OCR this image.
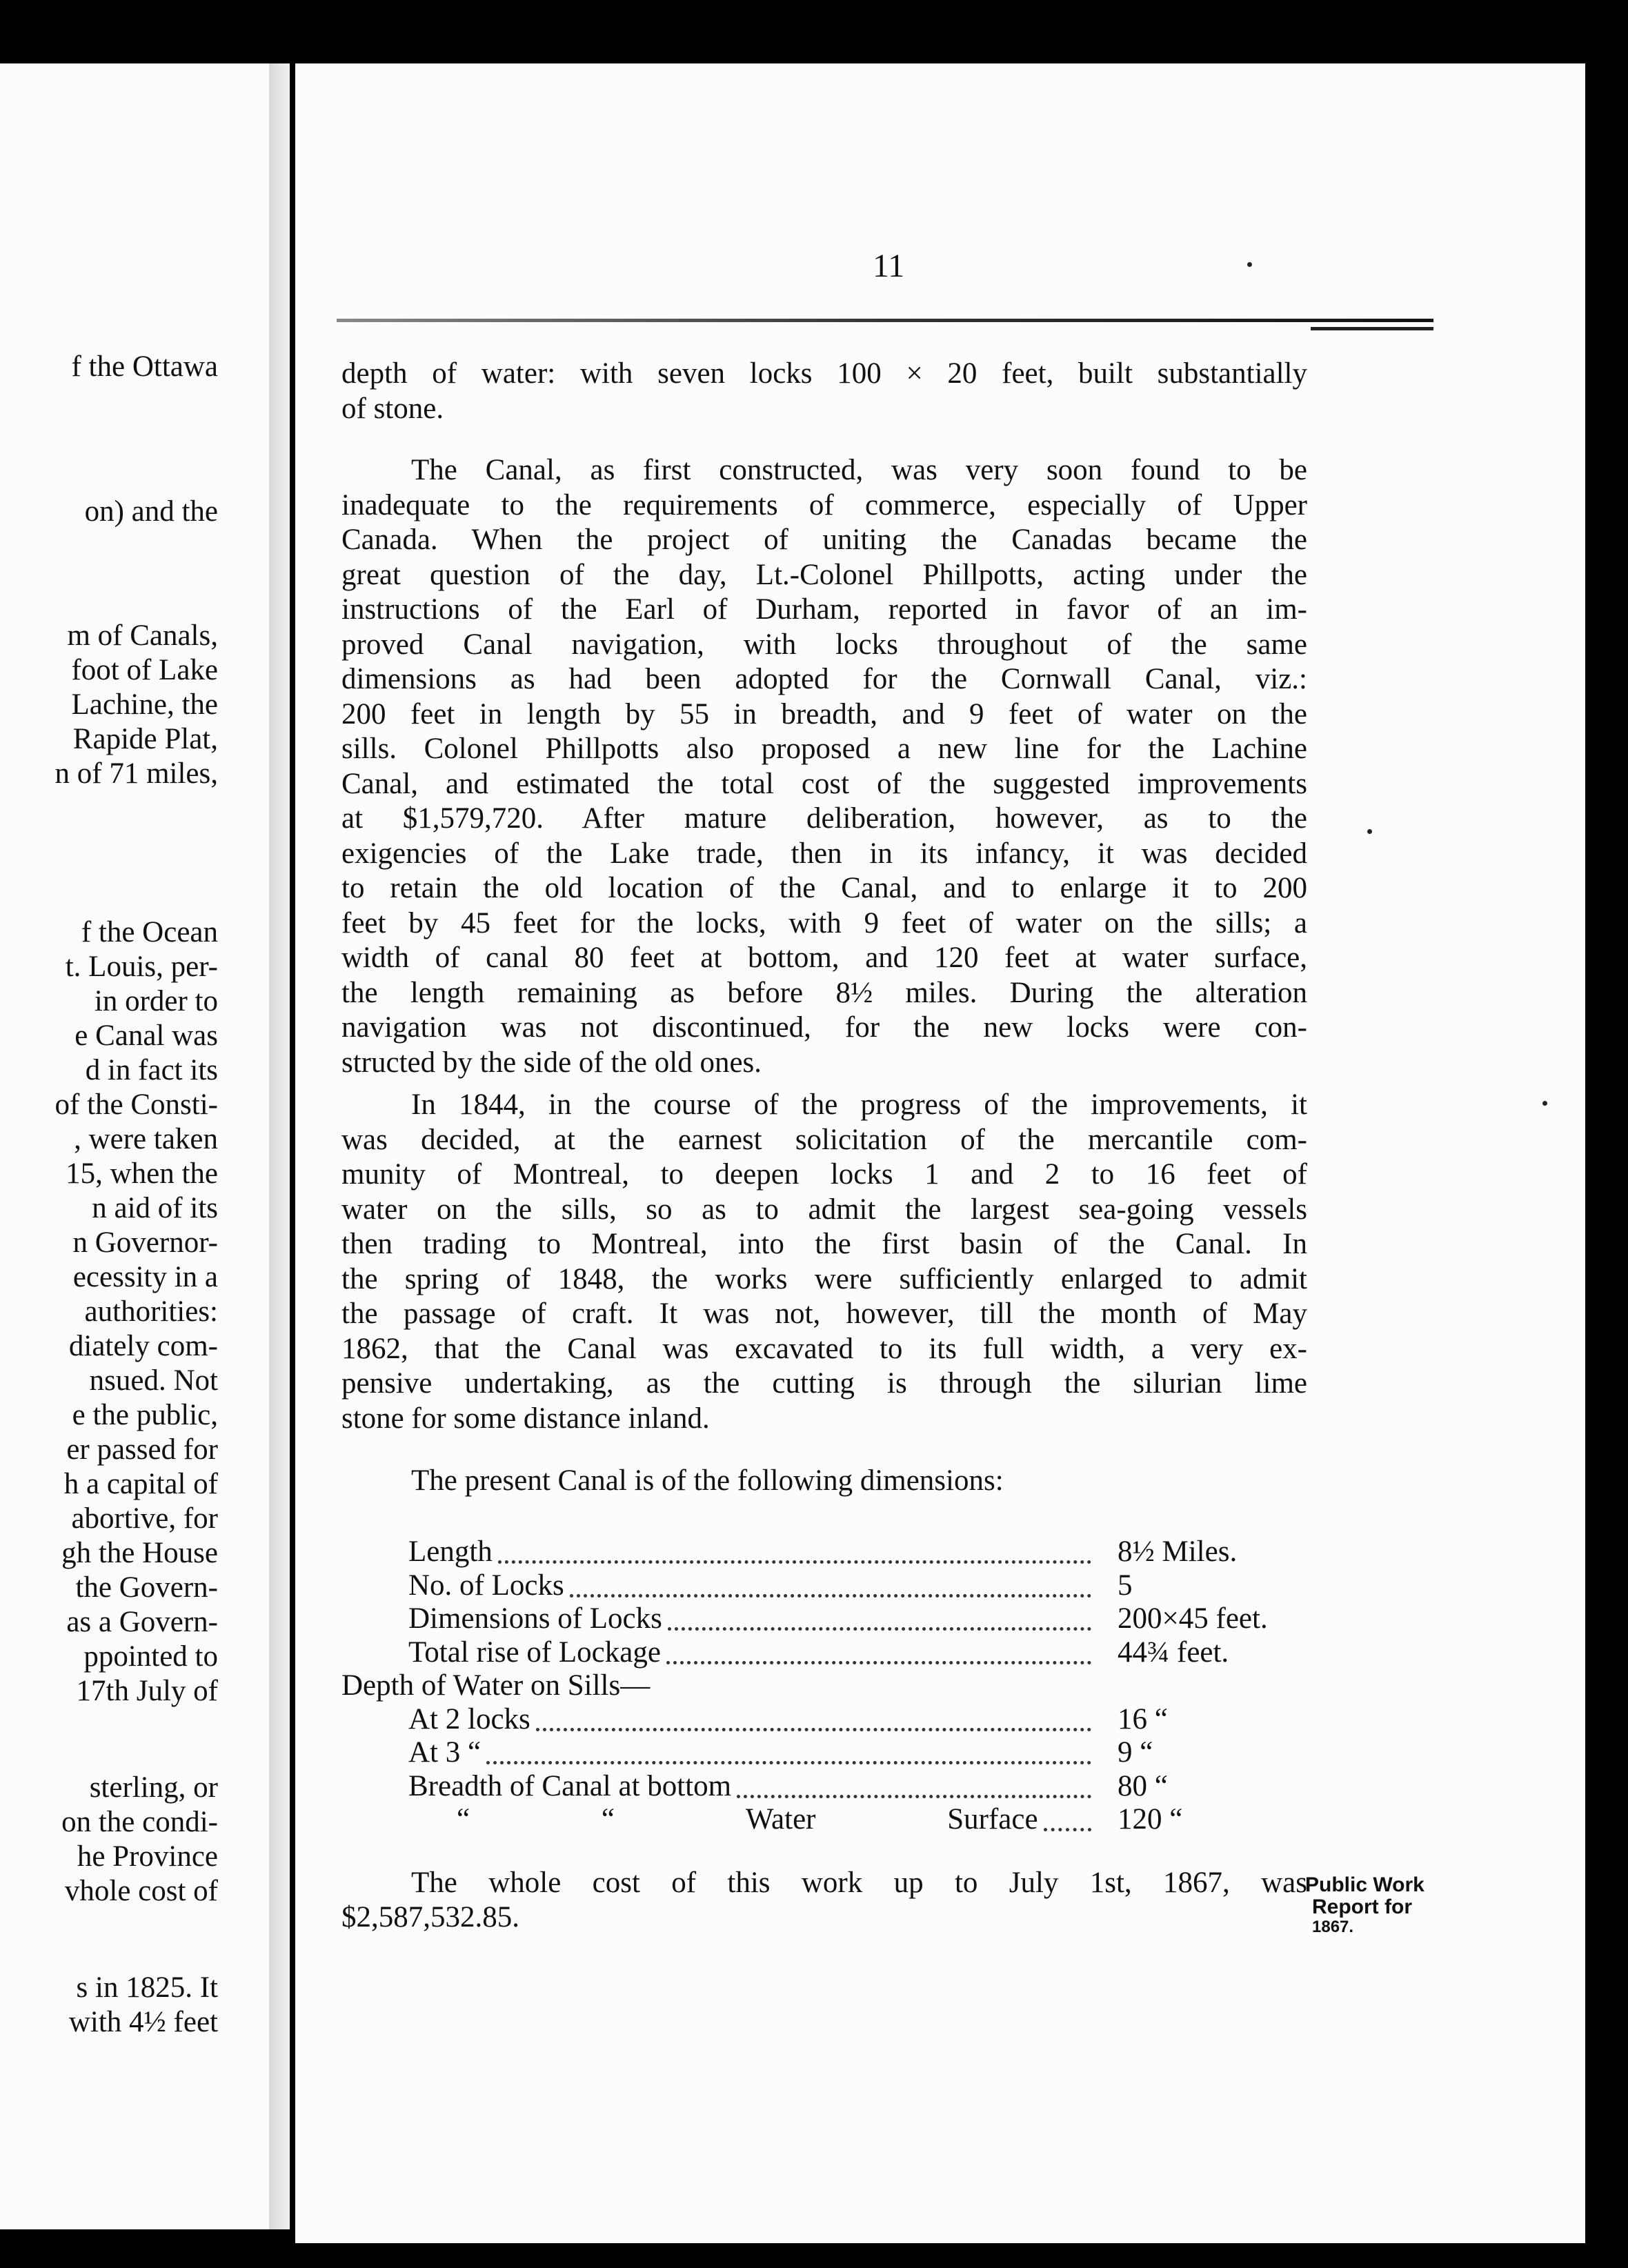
f the Ottawa
on) and the
m of Canals,
foot of Lake
Lachine, the
Rapide Plat,
n of 71 miles,
f the Ocean
t. Louis, per-
in order to
e Canal was
d in fact its
of the Consti-
, were taken
15, when the
n aid of its
n Governor-
ecessity in a
authorities:
diately com-
nsued. Not
e the public,
er passed for
h a capital of
abortive, for
gh the House
the Govern-
as a Govern-
ppointed to
17th July of
sterling, or
on the condi-
he Province
vhole cost of
s in 1825. It
with 4½ feet
11
depth of water: with seven locks 100 × 20 feet, built substantially
of stone.
The Canal, as first constructed, was very soon found to be
inadequate to the requirements of commerce, especially of Upper
Canada. When the project of uniting the Canadas became the
great question of the day, Lt.-Colonel Phillpotts, acting under the
instructions of the Earl of Durham, reported in favor of an im-
proved Canal navigation, with locks throughout of the same
dimensions as had been adopted for the Cornwall Canal, viz.:
200 feet in length by 55 in breadth, and 9 feet of water on the
sills. Colonel Phillpotts also proposed a new line for the Lachine
Canal, and estimated the total cost of the suggested improvements
at $1,579,720. After mature deliberation, however, as to the
exigencies of the Lake trade, then in its infancy, it was decided
to retain the old location of the Canal, and to enlarge it to 200
feet by 45 feet for the locks, with 9 feet of water on the sills; a
width of canal 80 feet at bottom, and 120 feet at water surface,
the length remaining as before 8½ miles. During the alteration
navigation was not discontinued, for the new locks were con-
structed by the side of the old ones.
In 1844, in the course of the progress of the improvements, it
was decided, at the earnest solicitation of the mercantile com-
munity of Montreal, to deepen locks 1 and 2 to 16 feet of
water on the sills, so as to admit the largest sea-going vessels
then trading to Montreal, into the first basin of the Canal. In
the spring of 1848, the works were sufficiently enlarged to admit
the passage of craft. It was not, however, till the month of May
1862, that the Canal was excavated to its full width, a very ex-
pensive undertaking, as the cutting is through the silurian lime
stone for some distance inland.
The present Canal is of the following dimensions:
Length	8½ Miles.
No. of Locks	5
Dimensions of Locks	200×45 feet.
Total rise of Lockage	44¾ feet.
Depth of Water on Sills—
At 2 locks	16 “
At 3 “	9 “
Breadth of Canal at bottom	80 “
“ “ Water Surface	120 “
The whole cost of this work up to July 1st, 1867, was
$2,587,532.85.
Public Work
Report for
1867.
